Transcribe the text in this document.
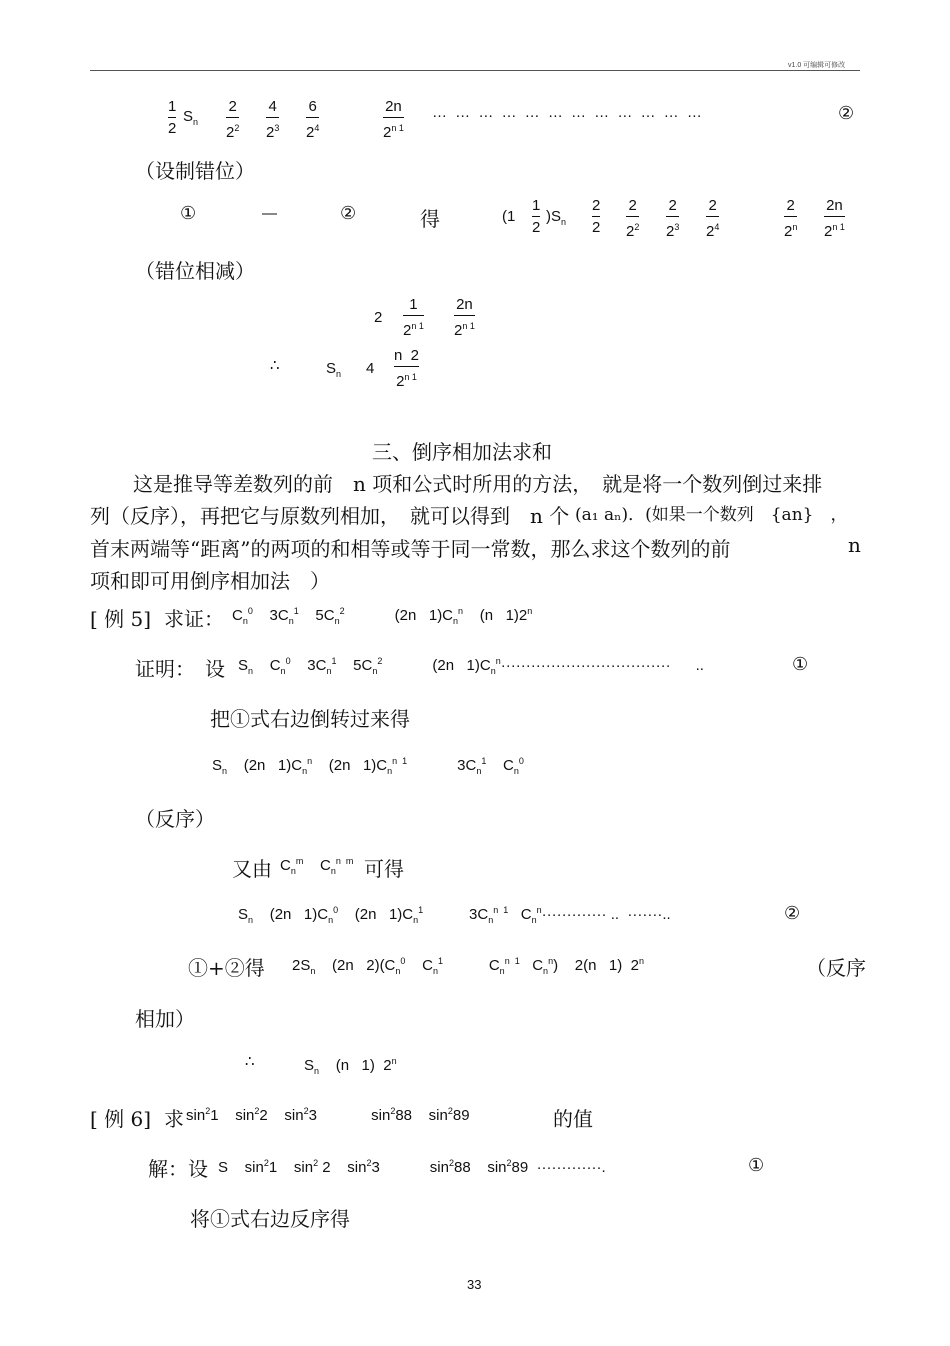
v1.0 可编辑可修改
1
2
$S_n$
2
$2^2$
4
$2^3$
6
$2^4$
2n
$2^{n 1}$
… … … … … … … … … … … …	②
（设制错位）
①	—	②	得	(1
1
2
)$S_n$
2
2
2
$2^2$
2
$2^3$
2
$2^4$
2
2$^n$
2n
$2^{n 1}$
（错位相减）
2
1
$2^{n 1}$
2n
$2^{n 1}$
∴	$S_n$ 4
n  2
$2^{n 1}$
三、倒序相加法求和
这是推导等差数列的前　n 项和公式时所用的方法，　就是将一个数列倒过来排
列（反序），再把它与原数列相加，　就可以得到　n 个 (a₁ aₙ)．(如果一个数列　{an}　，
首末两端等“距离”的两项的和相等或等于同一常数，那么求这个数列的前	n
项和即可用倒序相加法　）
[ 例 5] 求证： $C_n^0$    $3C_n^1$    $5C_n^2$            (2n   $1)C_n^n$    (n   1)2$^n$
证明：　设 $S_n$    $C_n^0$    $3C_n^1$    $5C_n^2$            (2n   $1)C_n^n\cdot\cdot\cdot\cdot\cdot\cdot\cdot\cdot\cdot\cdot\cdot\cdot\cdot\cdot\cdot\cdot\cdot\cdot\cdot\cdot\cdot\cdot\cdot\cdot\cdot\cdot\cdot\cdot\cdot\cdot\cdot\cdot\cdot\cdot$      ..	①
把①式右边倒转过来得
$S_n$    (2n   $1)C_n^n$    (2n   $1)C_n^{n 1}$            $3C_n^1$    $C_n^0$
（反序）
又由 $C_n^m$    $C_n^{n m}$ 可得
$S_n$    (2n   $1)C_n^0$    (2n   $1)C_n^1$           $3C_n^{n 1}$   $C_n^n\cdot\cdot\cdot\cdot\cdot\cdot\cdot\cdot\cdot\cdot\cdot\cdot\cdot$ ..  ·······..	②
①+②得 $2S_n$    (2n   $2)(C_n^0$    $C_n^1$           $C_n^{n 1}$   $C_n^n$)    2(n   1)  2$^n$	（反序
相加）
∴	$S_n$    (n   1)  2$^n$
[ 例 6] 求 $\sin^21$    $\sin^22$    $\sin^23$             $\sin^288$    $\sin^289$	的值
解：设 S    $\sin^21$    $\sin^2 2$    $\sin^23$            $\sin^288$    $\sin^289$  ·············.	①
将①式右边反序得
33
